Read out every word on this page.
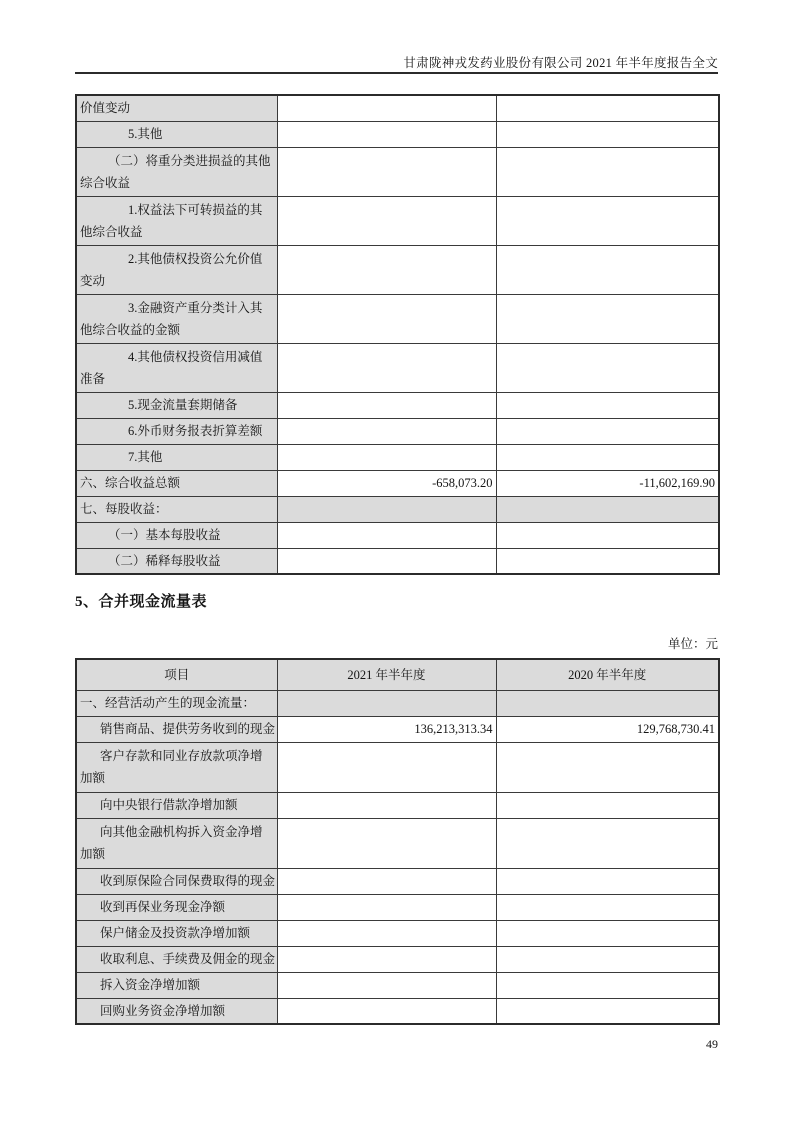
甘肃陇神戎发药业股份有限公司 2021 年半年度报告全文
价值变动		
5.其他		
（二）将重分类进损益的其他综合收益		
1.权益法下可转损益的其他综合收益		
2.其他债权投资公允价值变动		
3.金融资产重分类计入其他综合收益的金额		
4.其他债权投资信用减值准备		
5.现金流量套期储备		
6.外币财务报表折算差额		
7.其他		
六、综合收益总额	-658,073.20	-11,602,169.90
七、每股收益：		
（一）基本每股收益		
（二）稀释每股收益		
5、合并现金流量表
单位：元
项目	2021 年半年度	2020 年半年度
一、经营活动产生的现金流量：		
销售商品、提供劳务收到的现金	136,213,313.34	129,768,730.41
客户存款和同业存放款项净增加额		
向中央银行借款净增加额		
向其他金融机构拆入资金净增加额		
收到原保险合同保费取得的现金		
收到再保业务现金净额		
保户储金及投资款净增加额		
收取利息、手续费及佣金的现金		
拆入资金净增加额		
回购业务资金净增加额		
49
